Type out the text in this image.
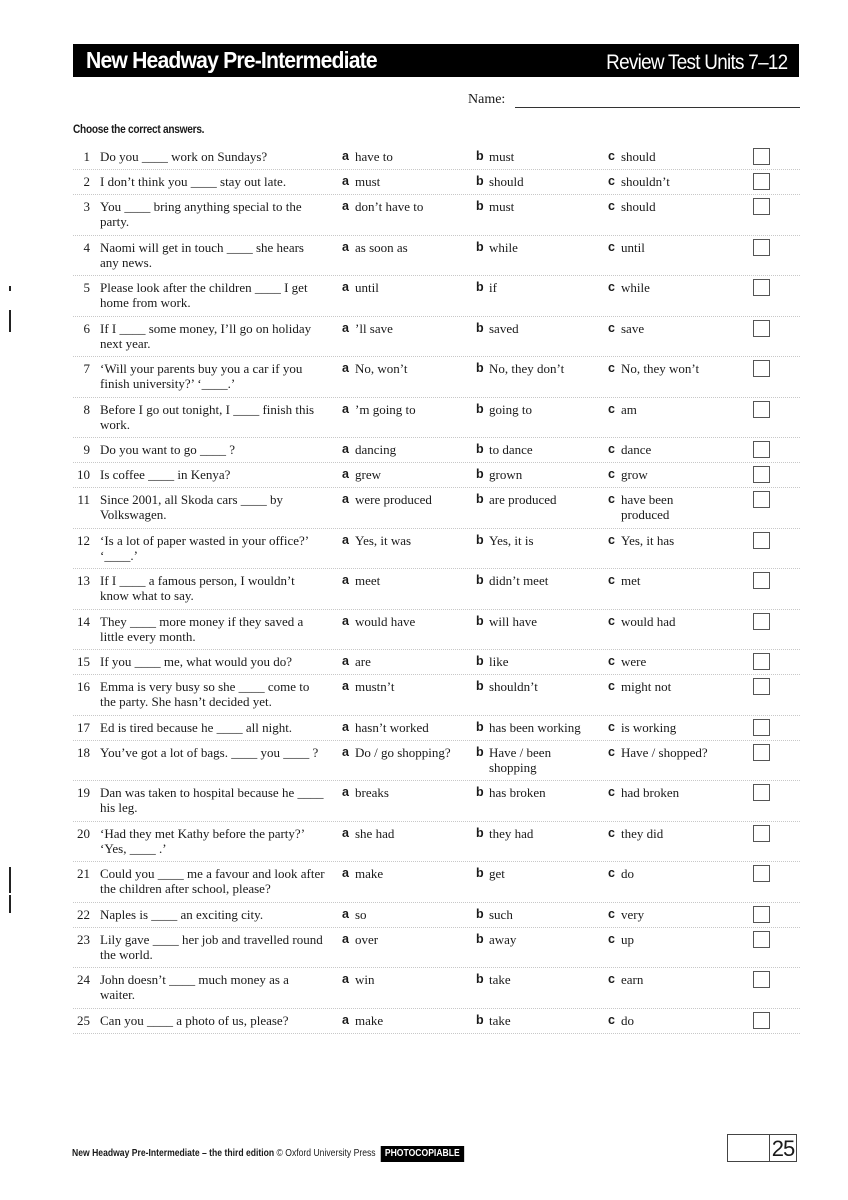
New Headway Pre-Intermediate	Review Test Units 7–12
Name:
Choose the correct answers.
1 Do you ____ work on Sundays?	a have to	b must	c should
2 I don’t think you ____ stay out late.	a must	b should	c shouldn’t
3 You ____ bring anything special to the party.
a don’t have to	b must	c should
4 Naomi will get in touch ____ she hears any news.
a as soon as	b while	c until
5 Please look after the children ____ I get home from work.
a until	b if	c while
6 If I ____ some money, I’ll go on holiday next year.
a ’ll save	b saved	c save
7 ‘Will your parents buy you a car if you finish university?’ ‘____.’
a No, won’t	b No, they don’t	c No, they won’t
8 Before I go out tonight, I ____ finish this work.
a ’m going to	b going to	c am
9 Do you want to go ____ ?	a dancing	b to dance	c dance
10 Is coffee ____ in Kenya?	a grew	b grown	c grow
11 Since 2001, all Skoda cars ____ by Volkswagen.
a were produced	b are produced	c have been produced
12 ‘Is a lot of paper wasted in your office?’ ‘____.’
a Yes, it was	b Yes, it is	c Yes, it has
13 If I ____ a famous person, I wouldn’t know what to say.
a meet	b didn’t meet	c met
14 They ____ more money if they saved a little every month.
a would have	b will have	c would had
15 If you ____ me, what would you do?	a are	b like	c were
16 Emma is very busy so she ____ come to the party. She hasn’t decided yet.
a mustn’t	b shouldn’t	c might not
17 Ed is tired because he ____ all night.	a hasn’t worked	b has been working	c is working
18 You’ve got a lot of bags. ____ you ____ ?	a Do / go shopping?	b Have / been shopping
c Have / shopped?
19 Dan was taken to hospital because he ____ his leg.
a breaks	b has broken	c had broken
20 ‘Had they met Kathy before the party?’ ‘Yes, ____ .’
a she had	b they had	c they did
21 Could you ____ me a favour and look after the children after school, please?
a make	b get	c do
22 Naples is ____ an exciting city.	a so	b such	c very
23 Lily gave ____ her job and travelled round the world.
a over	b away	c up
24 John doesn’t ____ much money as a waiter.
a win	b take	c earn
25 Can you ____ a photo of us, please?	a make	b take	c do
New Headway Pre-Intermediate – the third edition © Oxford University Press PHOTOCOPIABLE	25
